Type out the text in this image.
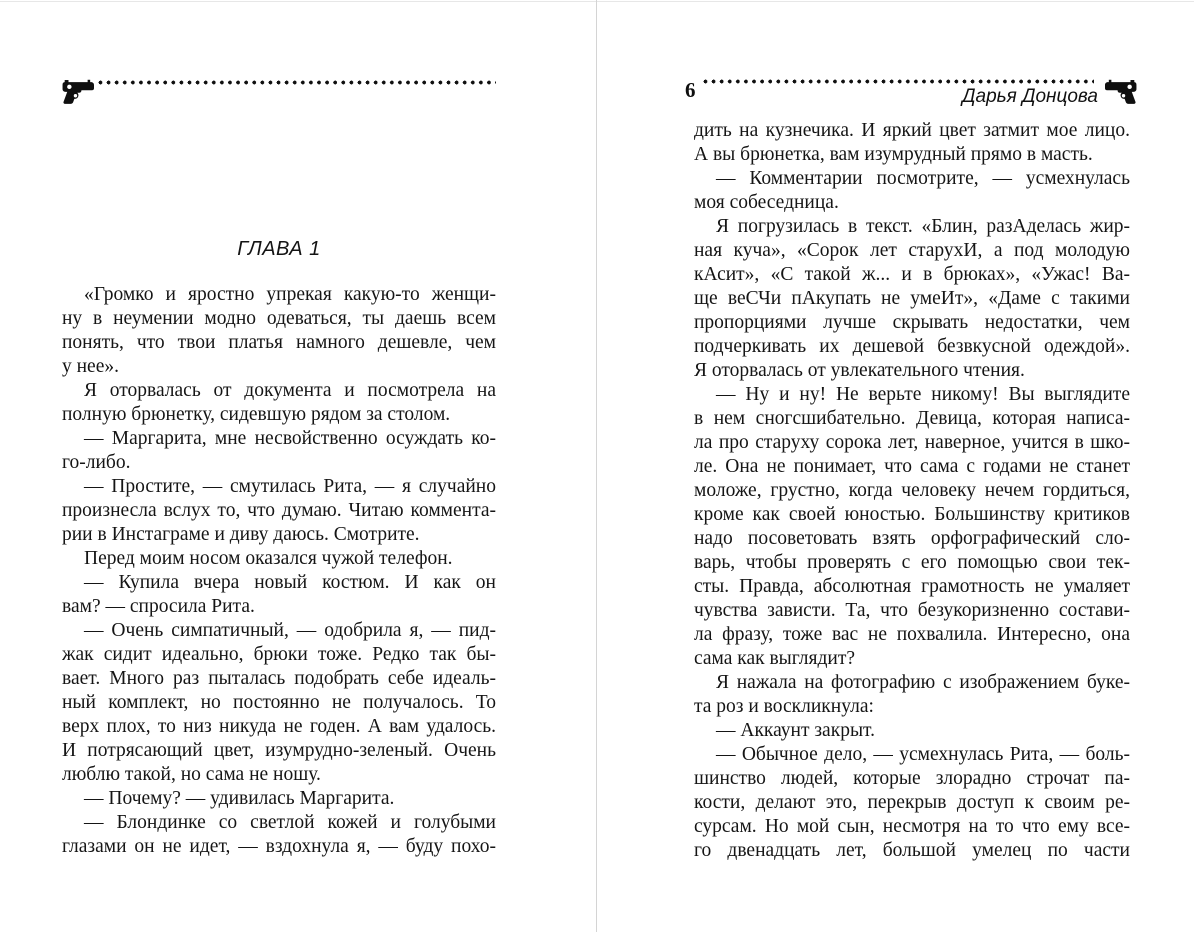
ГЛАВА 1
«Громко и яростно упрекая какую-то женщи-
ну в неумении модно одеваться, ты даешь всем
понять, что твои платья намного дешевле, чем
у нее».
Я оторвалась от документа и посмотрела на
полную брюнетку, сидевшую рядом за столом.
— Маргарита, мне несвойственно осуждать ко-
го-либо.
— Простите, — смутилась Рита, — я случайно
произнесла вслух то, что думаю. Читаю коммента-
рии в Инстаграме и диву даюсь. Смотрите.
Перед моим носом оказался чужой телефон.
— Купила вчера новый костюм. И как он
вам? — спросила Рита.
— Очень симпатичный, — одобрила я, — пид-
жак сидит идеально, брюки тоже. Редко так бы-
вает. Много раз пыталась подобрать себе идеаль-
ный комплект, но постоянно не получалось. То
верх плох, то низ никуда не годен. А вам удалось.
И потрясающий цвет, изумрудно-зеленый. Очень
люблю такой, но сама не ношу.
— Почему? — удивилась Маргарита.
— Блондинке со светлой кожей и голубыми
глазами он не идет, — вздохнула я, — буду похо-
6	Дарья Донцова
дить на кузнечика. И яркий цвет затмит мое лицо.
А вы брюнетка, вам изумрудный прямо в масть.
— Комментарии посмотрите, — усмехнулась
моя собеседница.
Я погрузилась в текст. «Блин, разАделась жир-
ная куча», «Сорок лет старухИ, а под молодую
кАсит», «С такой ж... и в брюках», «Ужас! Ва-
ще веСЧи пАкупать не умеИт», «Даме с такими
пропорциями лучше скрывать недостатки, чем
подчеркивать их дешевой безвкусной одеждой».
Я оторвалась от увлекательного чтения.
— Ну и ну! Не верьте никому! Вы выглядите
в нем сногсшибательно. Девица, которая написа-
ла про старуху сорока лет, наверное, учится в шко-
ле. Она не понимает, что сама с годами не станет
моложе, грустно, когда человеку нечем гордиться,
кроме как своей юностью. Большинству критиков
надо посоветовать взять орфографический сло-
варь, чтобы проверять с его помощью свои тек-
сты. Правда, абсолютная грамотность не умаляет
чувства зависти. Та, что безукоризненно состави-
ла фразу, тоже вас не похвалила. Интересно, она
сама как выглядит?
Я нажала на фотографию с изображением буке-
та роз и воскликнула:
— Аккаунт закрыт.
— Обычное дело, — усмехнулась Рита, — боль-
шинство людей, которые злорадно строчат па-
кости, делают это, перекрыв доступ к своим ре-
сурсам. Но мой сын, несмотря на то что ему все-
го двенадцать лет, большой умелец по части
